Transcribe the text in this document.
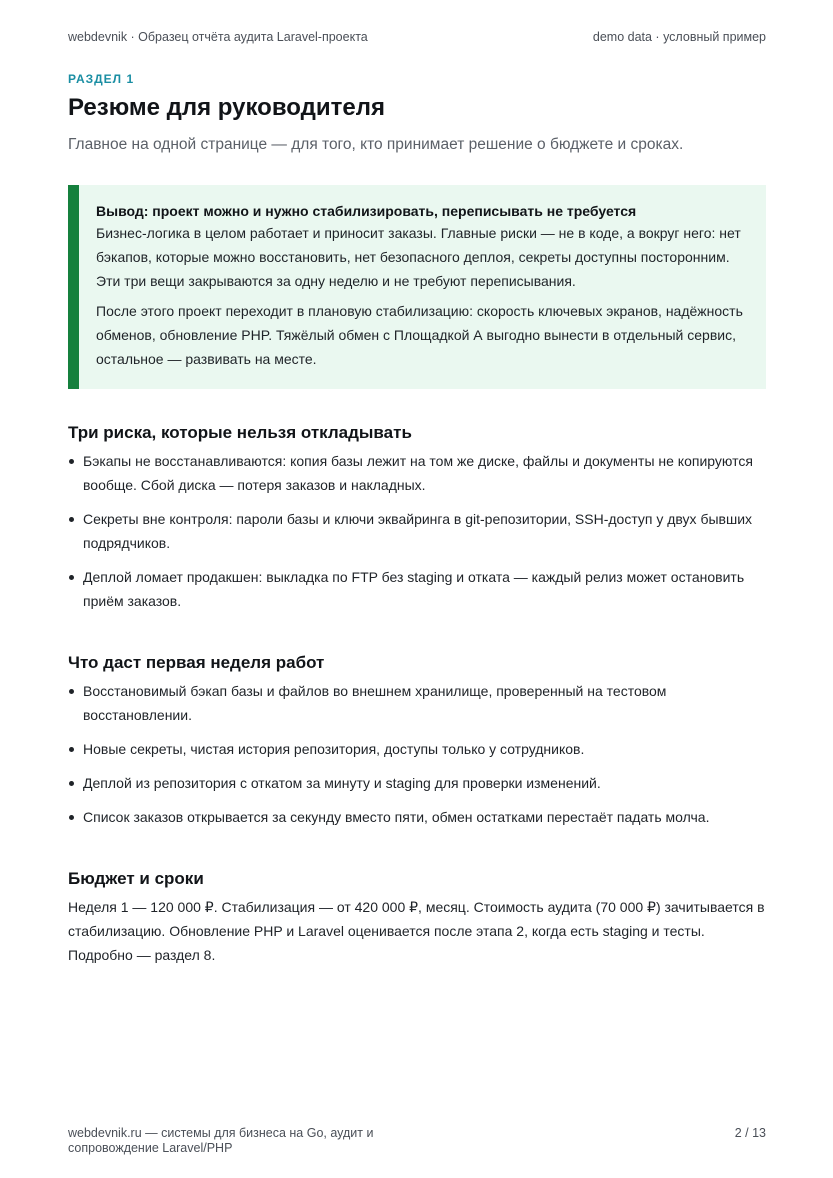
webdevnik · Образец отчёта аудита Laravel-проекта	demo data · условный пример
РАЗДЕЛ 1
Резюме для руководителя
Главное на одной странице — для того, кто принимает решение о бюджете и сроках.
Вывод: проект можно и нужно стабилизировать, переписывать не требуется

Бизнес-логика в целом работает и приносит заказы. Главные риски — не в коде, а вокруг него: нет бэкапов, которые можно восстановить, нет безопасного деплоя, секреты доступны посторонним. Эти три вещи закрываются за одну неделю и не требуют переписывания.

После этого проект переходит в плановую стабилизацию: скорость ключевых экранов, надёжность обменов, обновление PHP. Тяжёлый обмен с Площадкой А выгодно вынести в отдельный сервис, остальное — развивать на месте.

Три риска, которые нельзя откладывать
Бэкапы не восстанавливаются: копия базы лежит на том же диске, файлы и документы не копируются вообще. Сбой диска — потеря заказов и накладных.
Секреты вне контроля: пароли базы и ключи эквайринга в git-репозитории, SSH-доступ у двух бывших подрядчиков.
Деплой ломает продакшен: выкладка по FTP без staging и отката — каждый релиз может остановить приём заказов.
Что даст первая неделя работ
Восстановимый бэкап базы и файлов во внешнем хранилище, проверенный на тестовом восстановлении.
Новые секреты, чистая история репозитория, доступы только у сотрудников.
Деплой из репозитория с откатом за минуту и staging для проверки изменений.
Список заказов открывается за секунду вместо пяти, обмен остатками перестаёт падать молча.
Бюджет и сроки

Неделя 1 — 120 000 ₽. Стабилизация — от 420 000 ₽, месяц. Стоимость аудита (70 000 ₽) зачитывается в стабилизацию. Обновление PHP и Laravel оценивается после этапа 2, когда есть staging и тесты. Подробно — раздел 8.

webdevnik.ru — системы для бизнеса на Go, аудит и сопровождение Laravel/PHP
2 / 13
